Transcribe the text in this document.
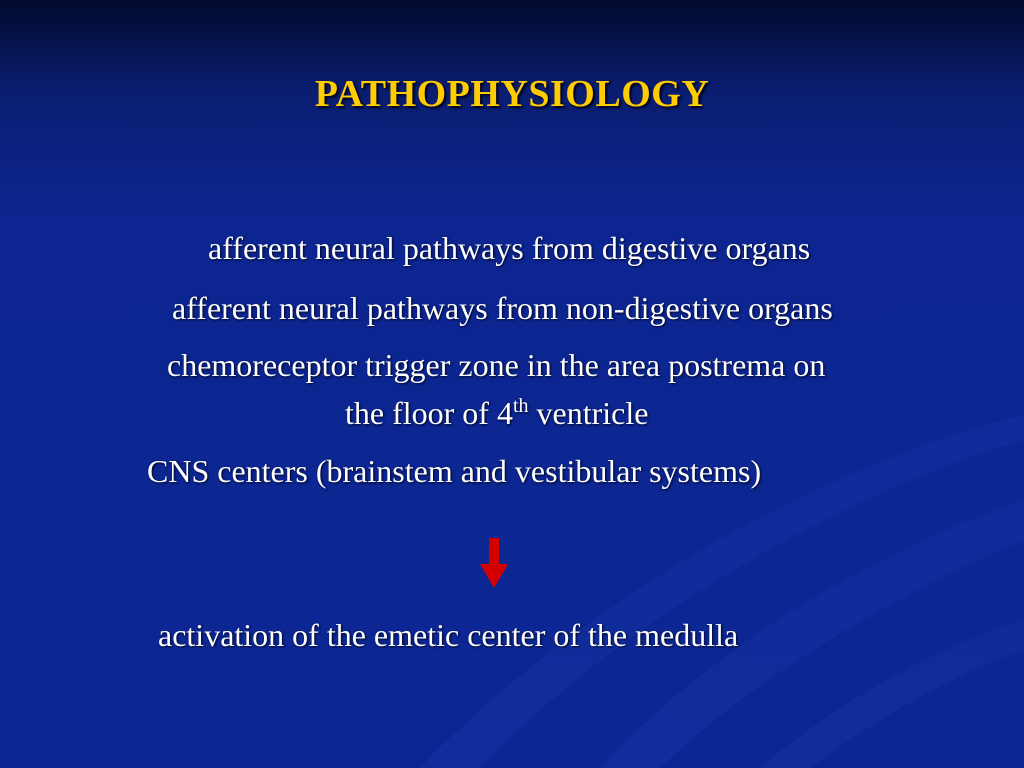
PATHOPHYSIOLOGY

afferent neural pathways from digestive organs

afferent neural pathways from non-digestive organs

chemoreceptor trigger zone in the area postrema on

the floor of 4th ventricle

CNS centers (brainstem and vestibular systems)

activation of the emetic center of the medulla
